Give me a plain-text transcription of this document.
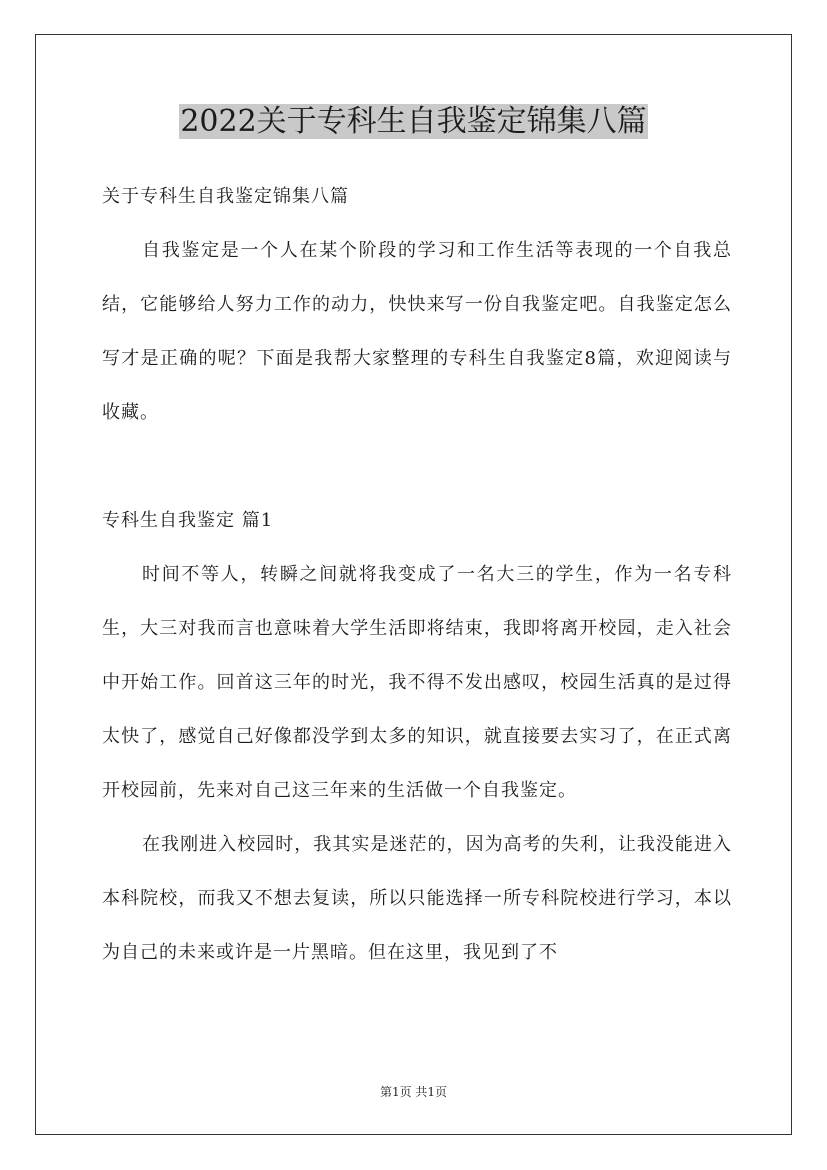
2022关于专科生自我鉴定锦集八篇

关于专科生自我鉴定锦集八篇

自我鉴定是一个人在某个阶段的学习和工作生活等表现的一个自我总结，它能够给人努力工作的动力，快快来写一份自我鉴定吧。自我鉴定怎么写才是正确的呢？下面是我帮大家整理的专科生自我鉴定8篇，欢迎阅读与收藏。

专科生自我鉴定 篇1

时间不等人，转瞬之间就将我变成了一名大三的学生，作为一名专科生，大三对我而言也意味着大学生活即将结束，我即将离开校园，走入社会中开始工作。回首这三年的时光，我不得不发出感叹，校园生活真的是过得太快了，感觉自己好像都没学到太多的知识，就直接要去实习了，在正式离开校园前，先来对自己这三年来的生活做一个自我鉴定。

在我刚进入校园时，我其实是迷茫的，因为高考的失利，让我没能进入本科院校，而我又不想去复读，所以只能选择一所专科院校进行学习，本以为自己的未来或许是一片黑暗。但在这里，我见到了不

第1页 共1页
